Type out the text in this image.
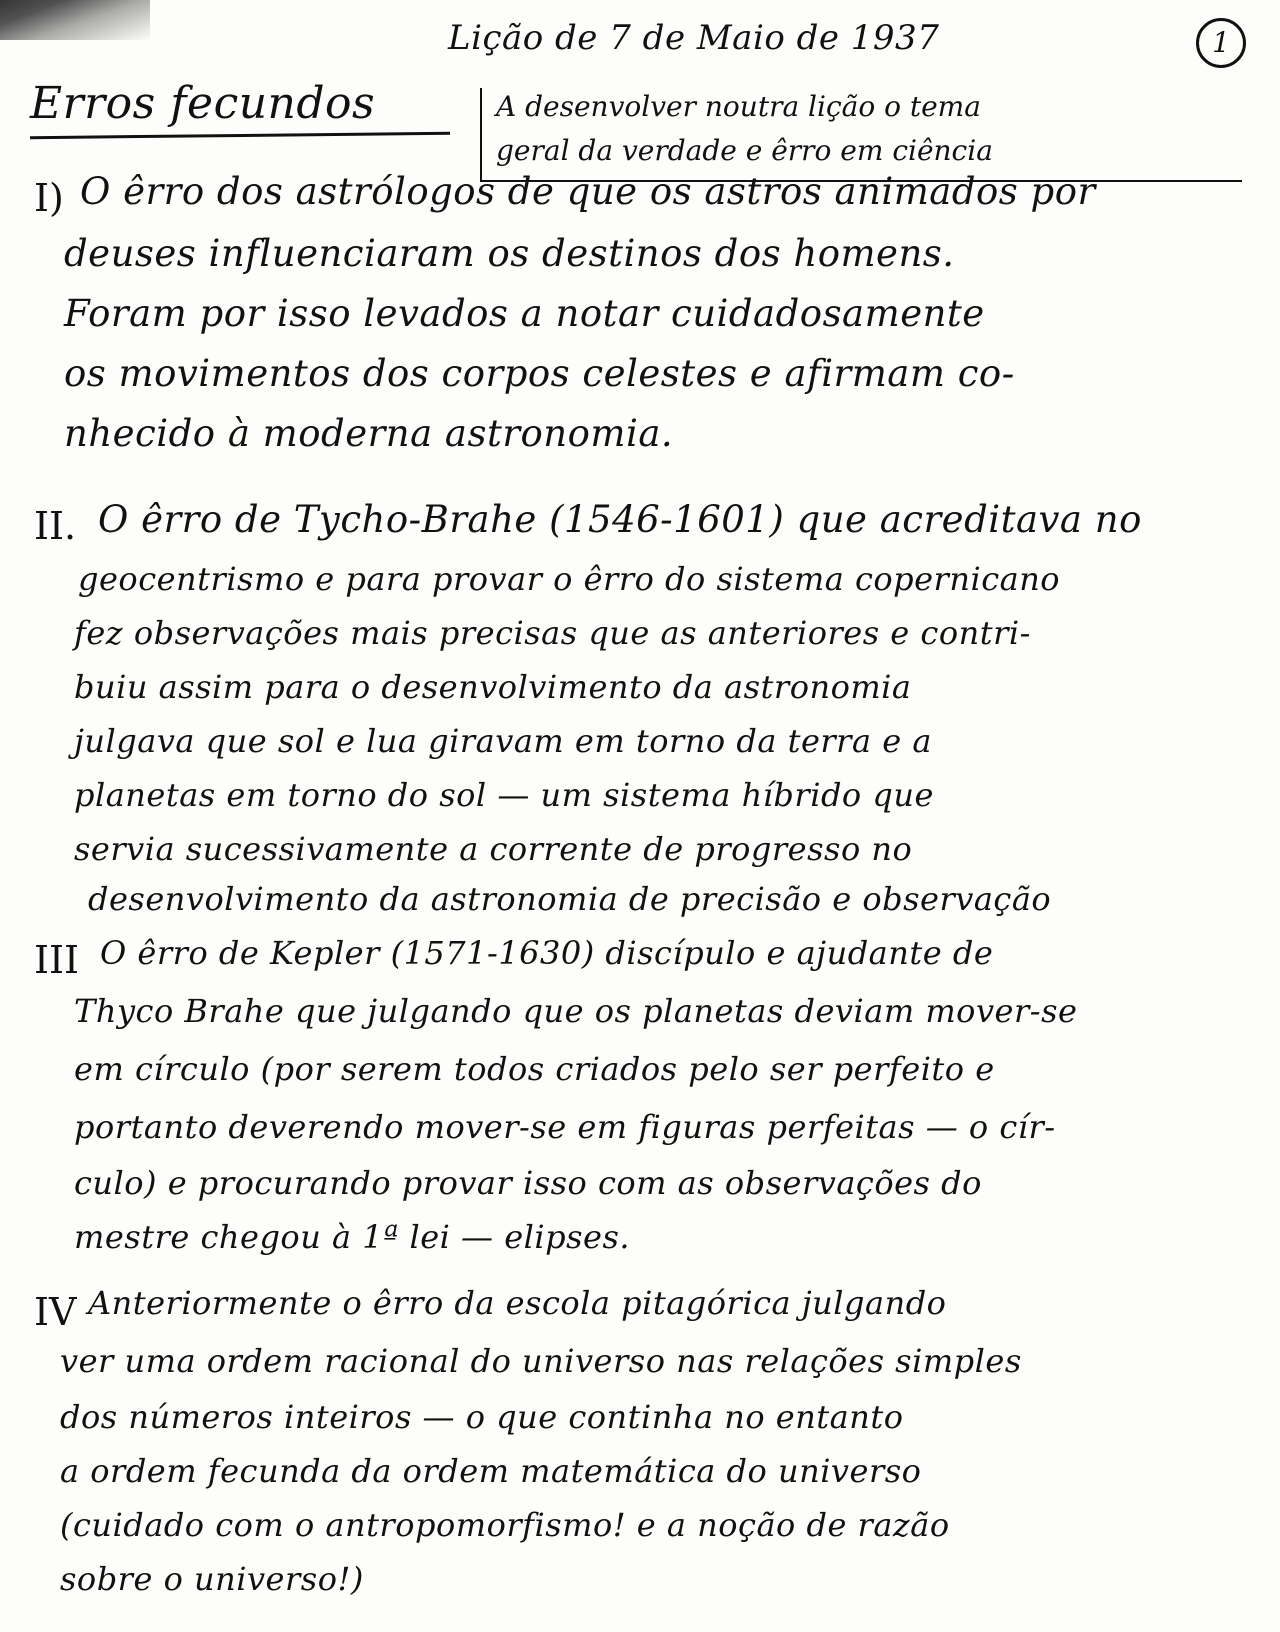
Lição de 7 de Maio de 1937	1
Erros fecundos	A desenvolver noutra lição o tema
geral da verdade e êrro em ciência
I) O êrro dos astrólogos de que os astros animados por
deuses influenciaram os destinos dos homens.
Foram por isso levados a notar cuidadosamente
os movimentos dos corpos celestes e afirmam co-
nhecido à moderna astronomia.
II. O êrro de Tycho-Brahe (1546-1601) que acreditava no
geocentrismo e para provar o êrro do sistema copernicano
fez observações mais precisas que as anteriores e contri-
buiu assim para o desenvolvimento da astronomia
julgava que sol e lua giravam em torno da terra e a
planetas em torno do sol — um sistema híbrido que
servia sucessivamente a corrente de progresso no
desenvolvimento da astronomia de precisão e observação
III O êrro de Kepler (1571-1630) discípulo e ajudante de
Thyco Brahe que julgando que os planetas deviam mover-se
em círculo (por serem todos criados pelo ser perfeito e
portanto deverendo mover-se em figuras perfeitas — o cír-
culo) e procurando provar isso com as observações do
mestre chegou à 1ª lei — elipses.
IV Anteriormente o êrro da escola pitagórica julgando
ver uma ordem racional do universo nas relações simples
dos números inteiros — o que continha no entanto
a ordem fecunda da ordem matemática do universo
(cuidado com o antropomorfismo! e a noção de razão
sobre o universo!)
